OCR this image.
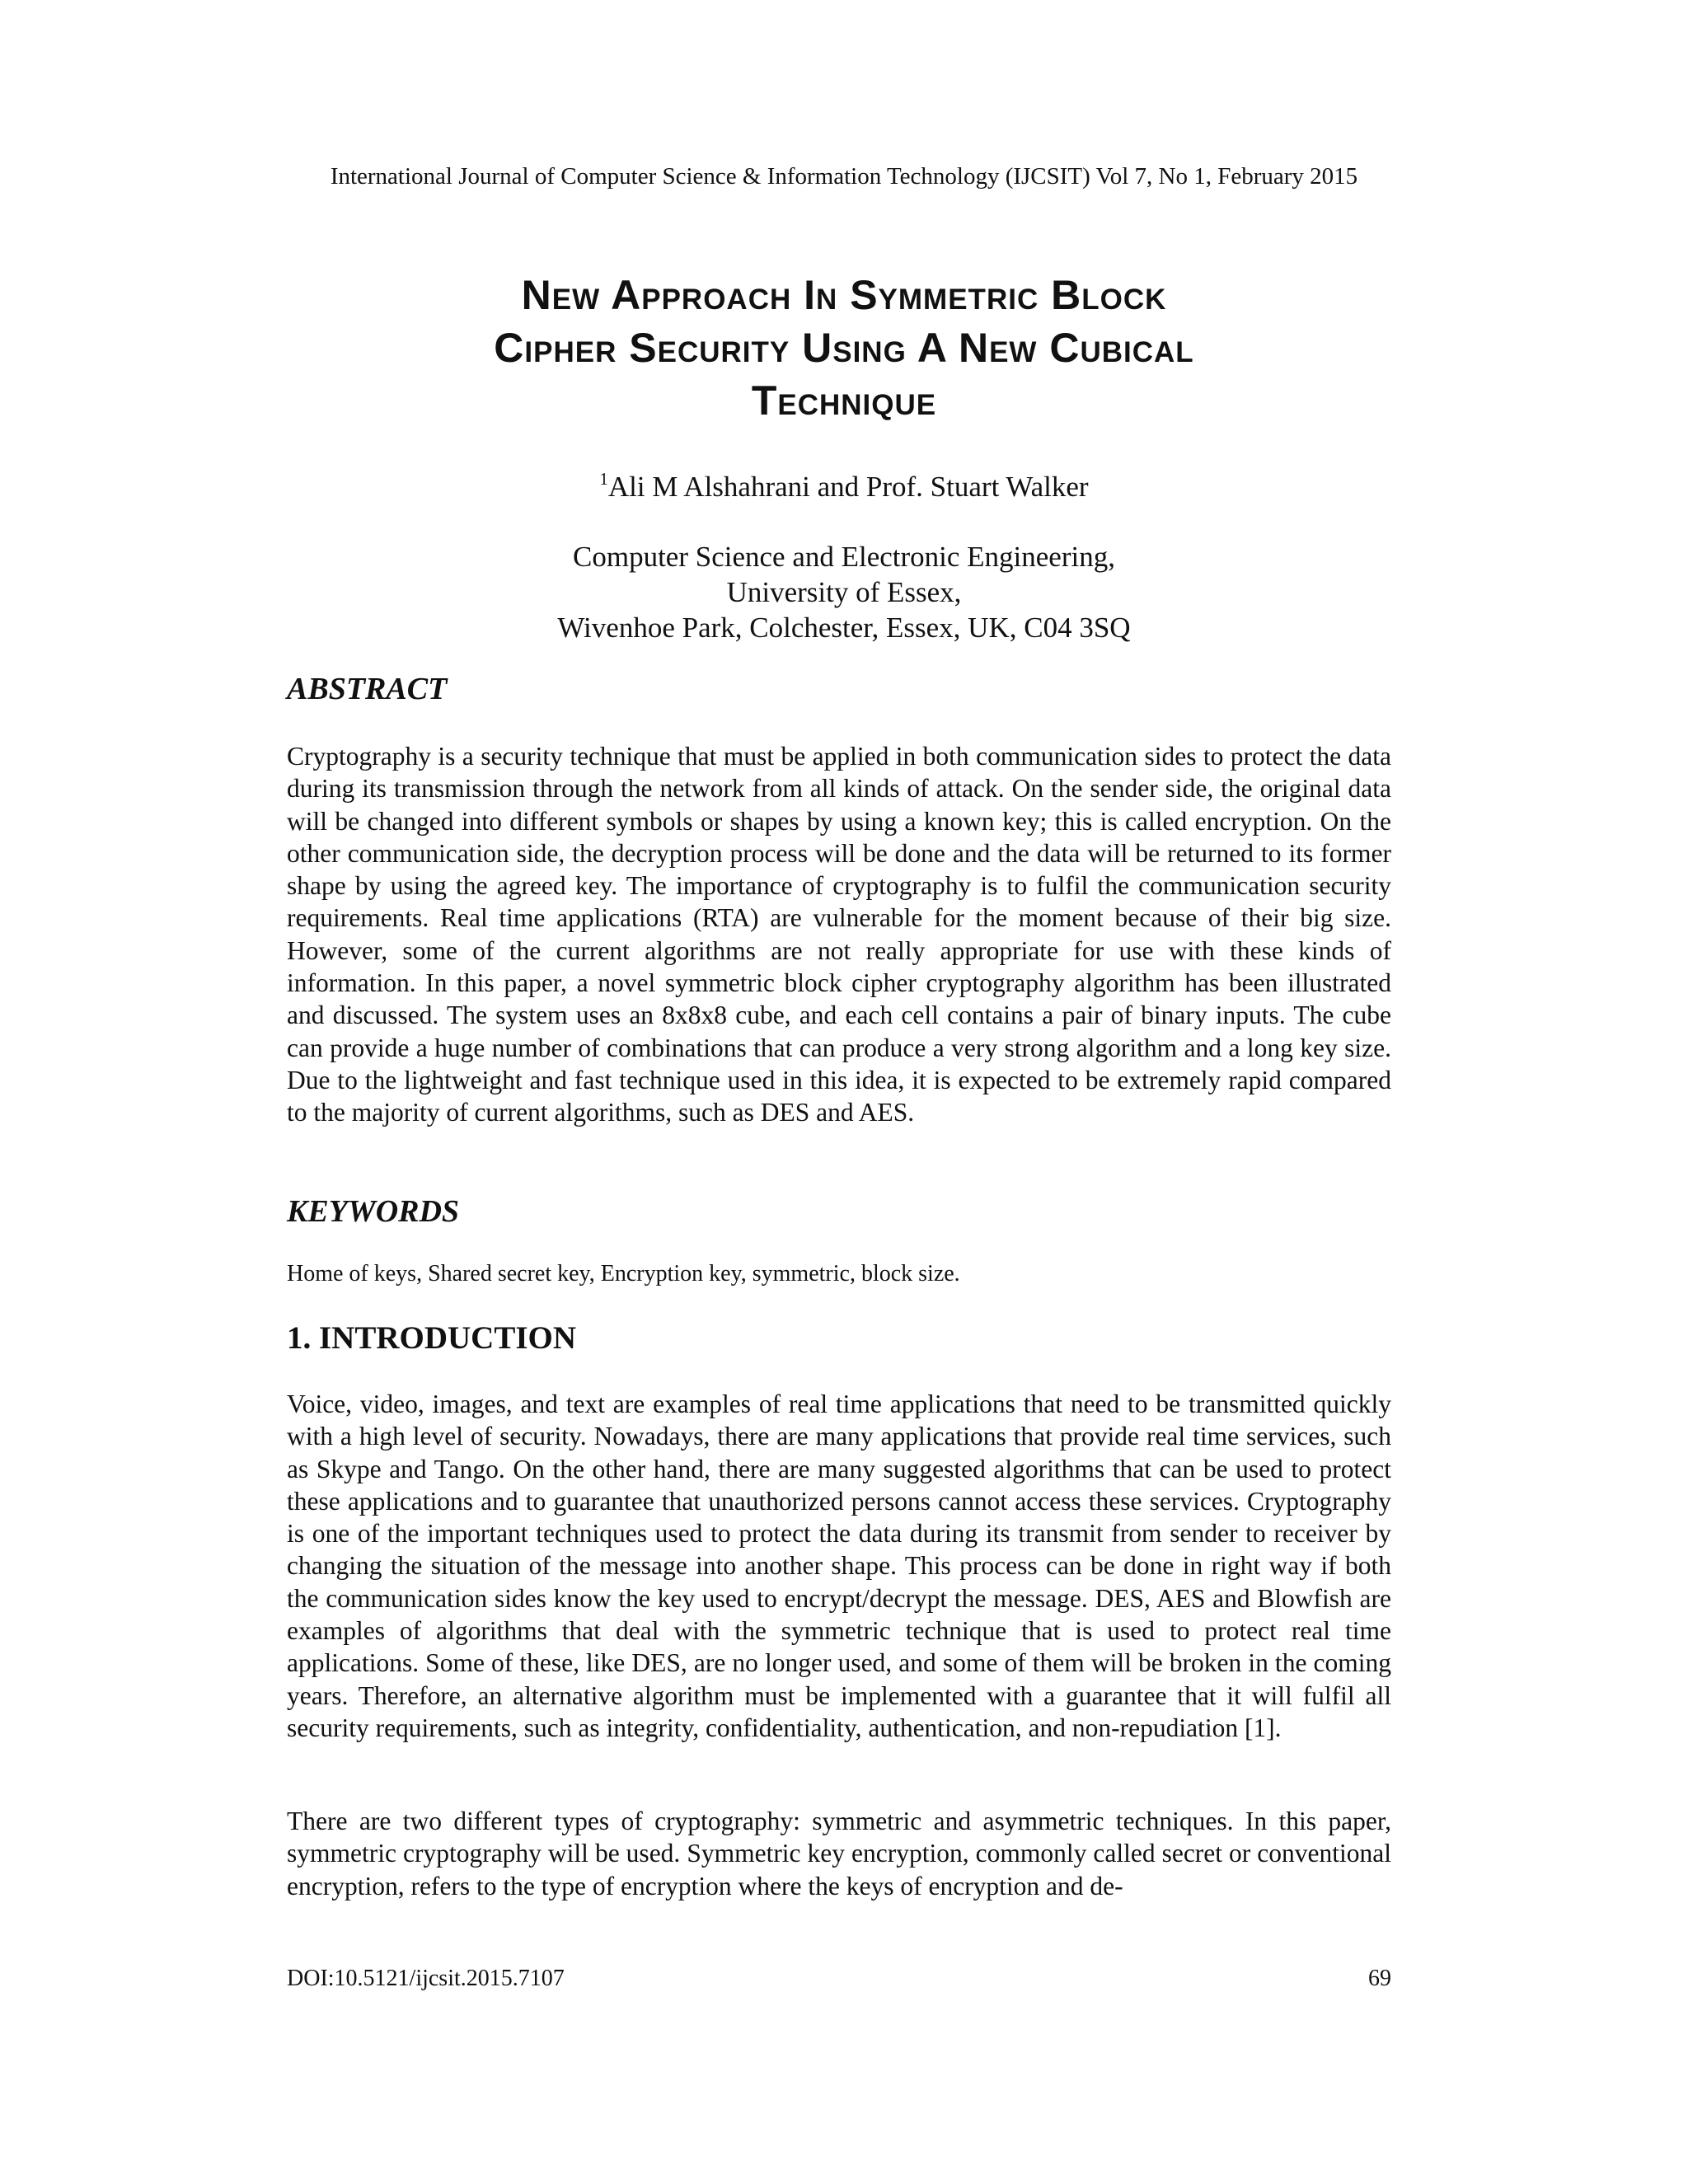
International Journal of Computer Science & Information Technology (IJCSIT) Vol 7, No 1, February 2015

New Approach In Symmetric Block
Cipher Security Using A New Cubical
Technique

$^1$Ali M Alshahrani and Prof. Stuart Walker

Computer Science and Electronic Engineering,
University of Essex,
Wivenhoe Park, Colchester, Essex, UK, C04 3SQ

ABSTRACT

Cryptography is a security technique that must be applied in both communication sides to protect the data during its transmission through the network from all kinds of attack. On the sender side, the original data will be changed into different symbols or shapes by using a known key; this is called encryption. On the other communication side, the decryption process will be done and the data will be returned to its former shape by using the agreed key. The importance of cryptography is to fulfil the communication security requirements. Real time applications (RTA) are vulnerable for the moment because of their big size. However, some of the current algorithms are not really appropriate for use with these kinds of information. In this paper, a novel symmetric block cipher cryptography algorithm has been illustrated and discussed. The system uses an 8x8x8 cube, and each cell contains a pair of binary inputs. The cube can provide a huge number of combinations that can produce a very strong algorithm and a long key size. Due to the lightweight and fast technique used in this idea, it is expected to be extremely rapid compared to the majority of current algorithms, such as DES and AES.

KEYWORDS

Home of keys, Shared secret key, Encryption key, symmetric, block size.

1. INTRODUCTION

Voice, video, images, and text are examples of real time applications that need to be transmitted quickly with a high level of security. Nowadays, there are many applications that provide real time services, such as Skype and Tango. On the other hand, there are many suggested algorithms that can be used to protect these applications and to guarantee that unauthorized persons cannot access these services. Cryptography is one of the important techniques used to protect the data during its transmit from sender to receiver by changing the situation of the message into another shape. This process can be done in right way if both the communication sides know the key used to encrypt/decrypt the message. DES, AES and Blowfish are examples of algorithms that deal with the symmetric technique that is used to protect real time applications. Some of these, like DES, are no longer used, and some of them will be broken in the coming years. Therefore, an alternative algorithm must be implemented with a guarantee that it will fulfil all security requirements, such as integrity, confidentiality, authentication, and non-repudiation [1].

There are two different types of cryptography: symmetric and asymmetric techniques. In this paper, symmetric cryptography will be used. Symmetric key encryption, commonly called secret or conventional encryption, refers to the type of encryption where the keys of encryption and de-

DOI:10.5121/ijcsit.2015.7107	69
